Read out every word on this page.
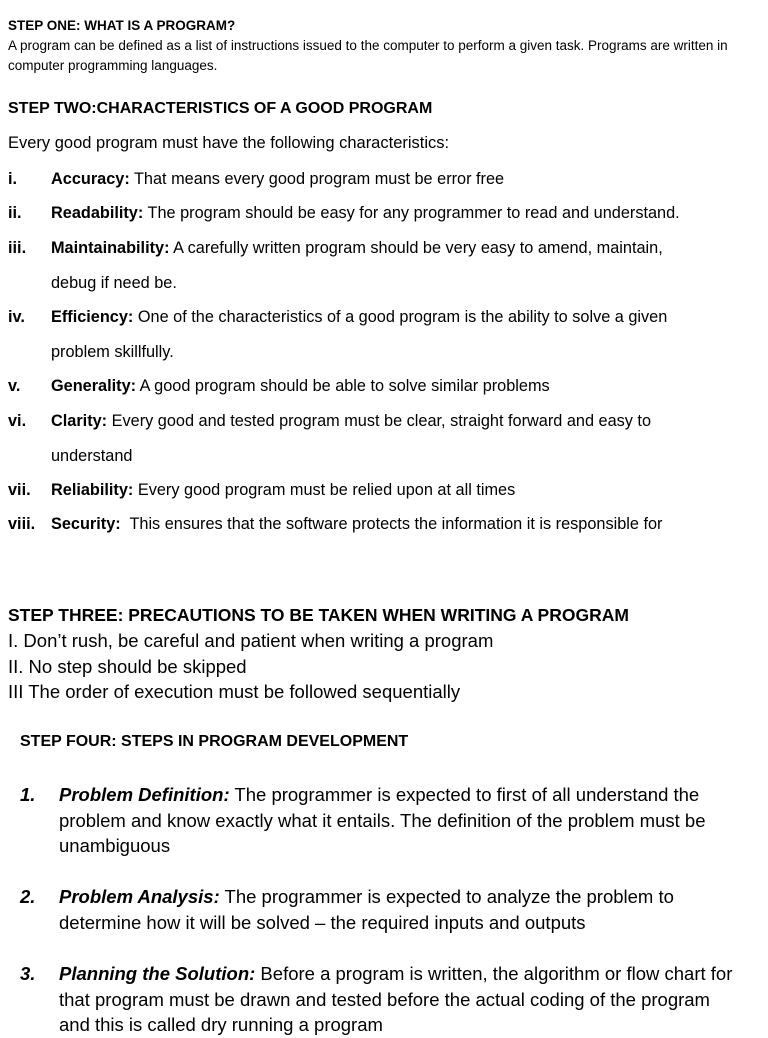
STEP ONE: WHAT IS A PROGRAM?

A program can be defined as a list of instructions issued to the computer to perform a given task. Programs are written in computer programming languages.

STEP TWO:CHARACTERISTICS OF A GOOD PROGRAM
Every good program must have the following characteristics:
i. Accuracy: That means every good program must be error free
ii. Readability: The program should be easy for any programmer to read and understand.
iii. Maintainability: A carefully written program should be very easy to amend, maintain, debug if need be.
iv. Efficiency: One of the characteristics of a good program is the ability to solve a given problem skillfully.
v. Generality: A good program should be able to solve similar problems
vi. Clarity: Every good and tested program must be clear, straight forward and easy to understand
vii. Reliability: Every good program must be relied upon at all times
viii. Security:  This ensures that the software protects the information it is responsible for
STEP THREE: PRECAUTIONS TO BE TAKEN WHEN WRITING A PROGRAM
I. Don’t rush, be careful and patient when writing a program
II. No step should be skipped
III The order of execution must be followed sequentially
STEP FOUR: STEPS IN PROGRAM DEVELOPMENT
1. Problem Definition: The programmer is expected to first of all understand the problem and know exactly what it entails. The definition of the problem must be unambiguous
2. Problem Analysis: The programmer is expected to analyze the problem to determine how it will be solved – the required inputs and outputs
3. Planning the Solution: Before a program is written, the algorithm or flow chart for that program must be drawn and tested before the actual coding of the program and this is called dry running a program
